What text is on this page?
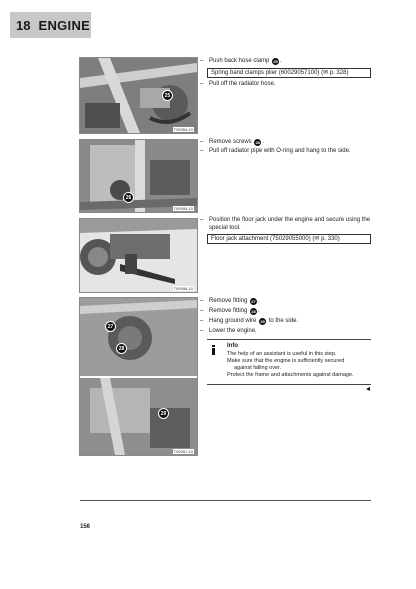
18 ENGINE
25
T00954-10
26
T00955-10
T00956-10
27
28
29
T00957-10
– Push back hose clamp 25 .
Spring band clamps plier (60029057100) (✉ p. 328)
– Pull off the radiator hose.
– Remove screws 26 .
– Pull off radiator pipe with O-ring and hang to the side.
– Position the floor jack under the engine and secure using the
special tool.
Floor jack attachment (75029055000) (✉ p. 330)
– Remove fitting 27 .
– Remove fitting 28 .
– Hang ground wire 29 to the side.
– Lower the engine.
Info
The help of an assistant is useful in this step.
Make sure that the engine is sufficiently secured
against falling over.
Protect the frame and attachments against damage.
156
